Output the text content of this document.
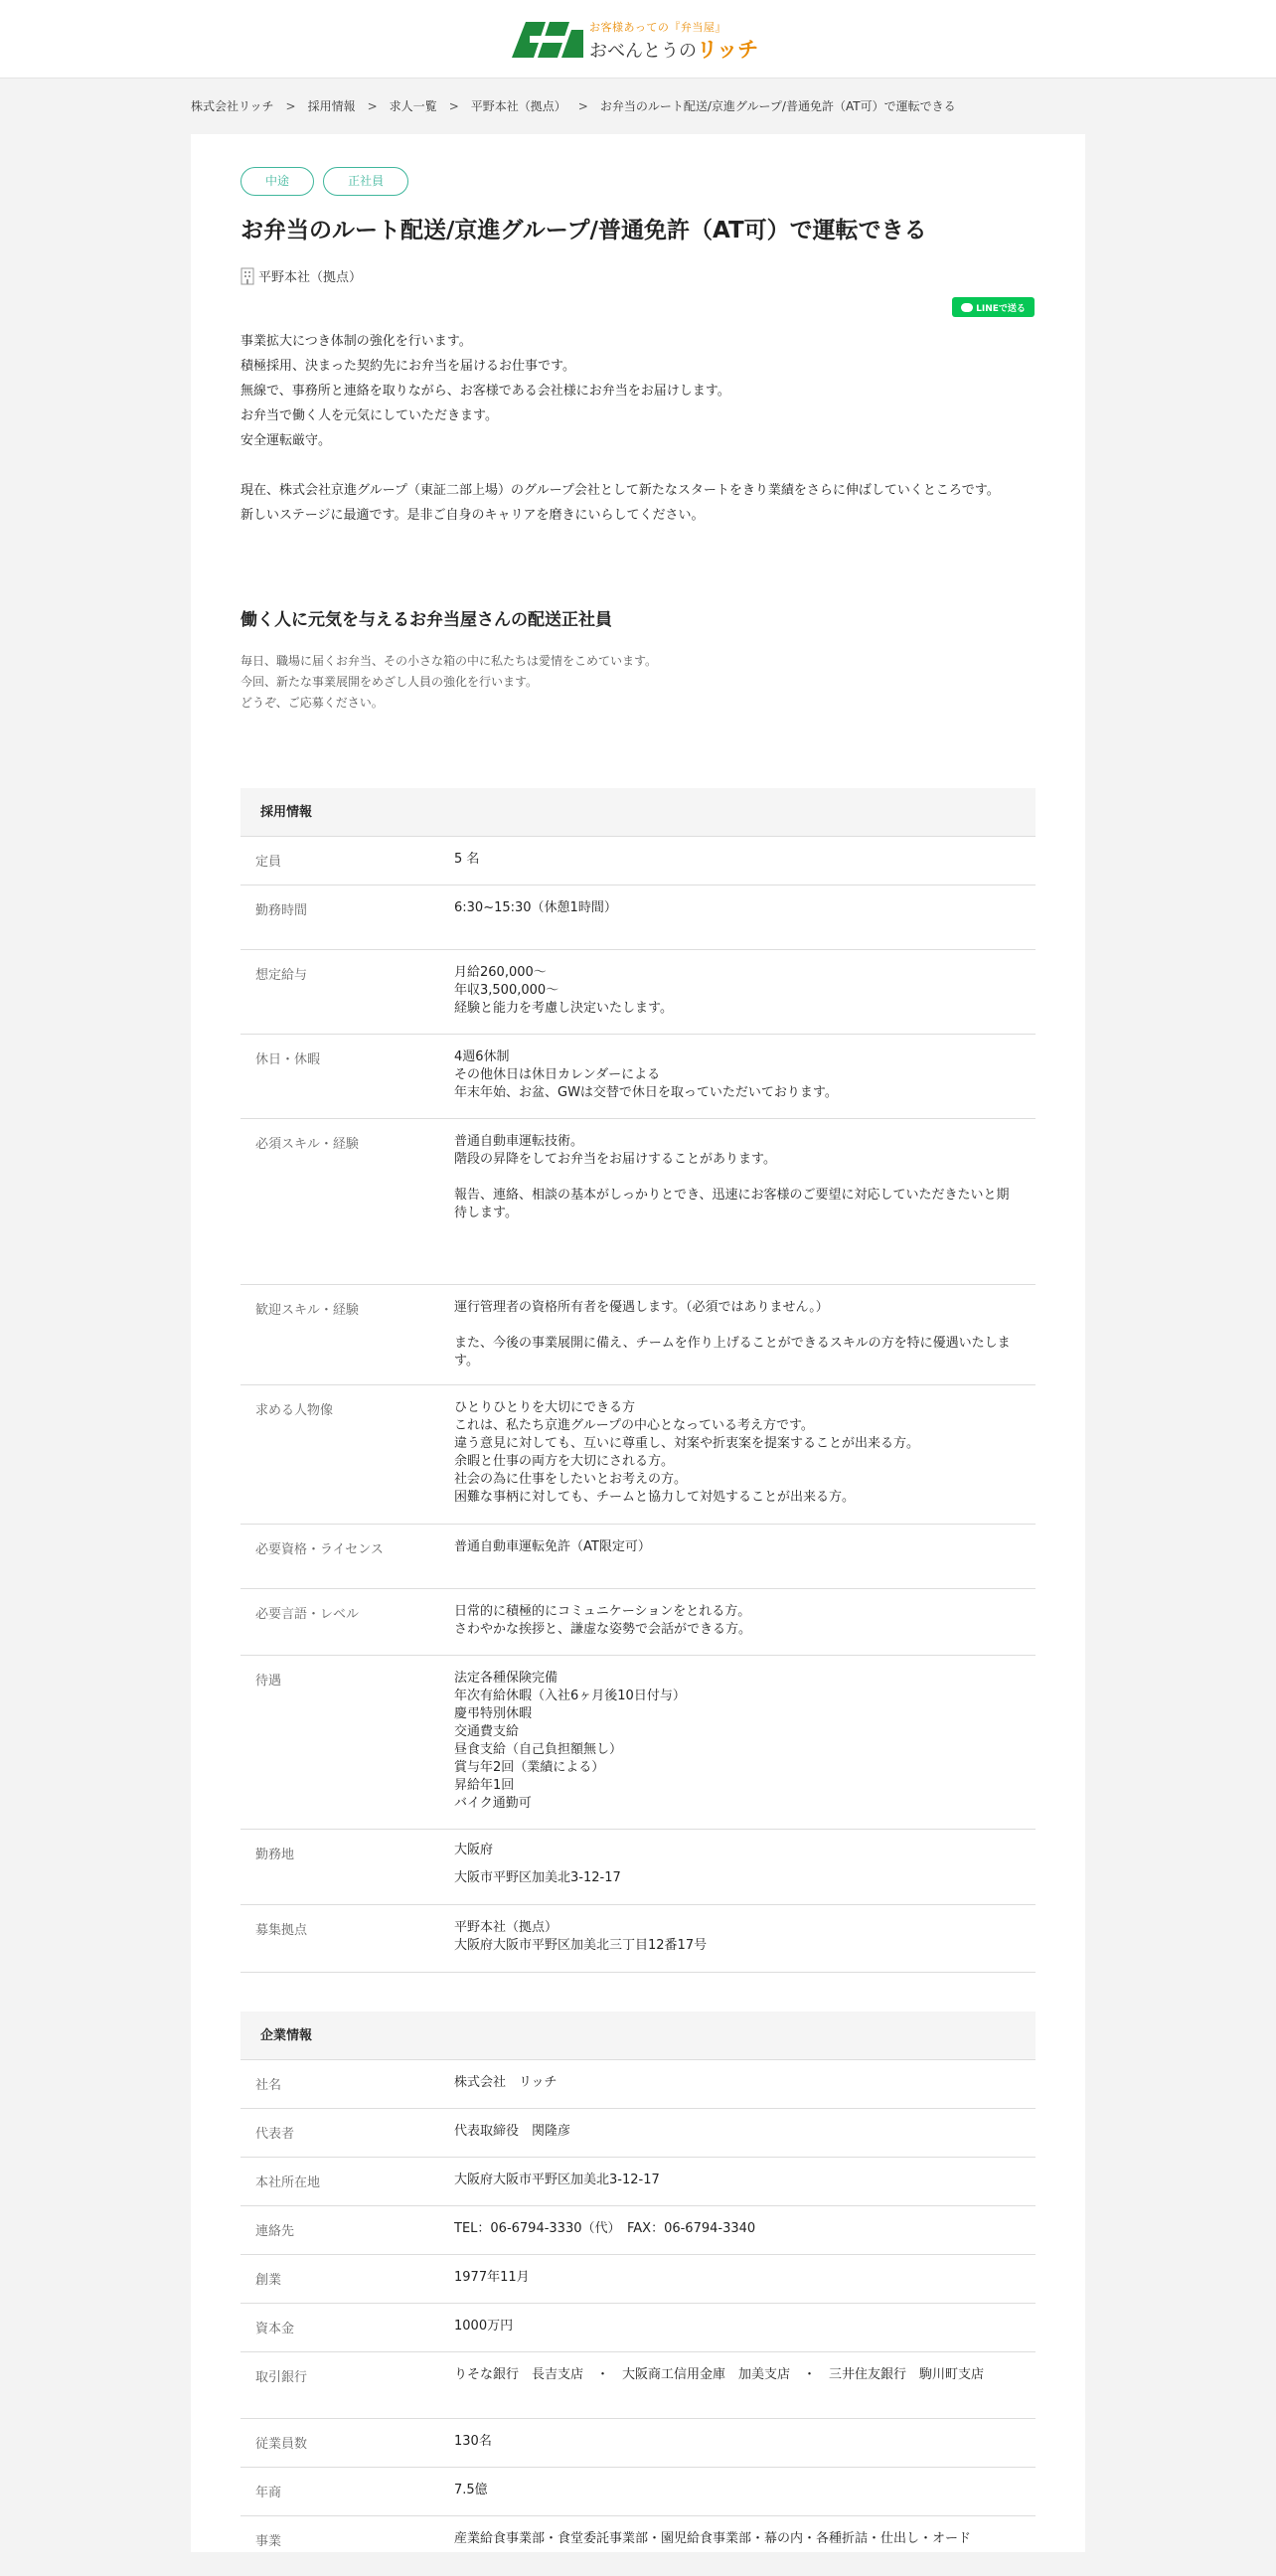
お客様あっての『弁当屋』
おべんとうのリッチ
株式会社リッチ > 採用情報 > 求人一覧 > 平野本社（拠点） > お弁当のルート配送/京進グループ/普通免許（AT可）で運転できる
中途	正社員
お弁当のルート配送/京進グループ/普通免許（AT可）で運転できる
平野本社（拠点）
LINEで送る
事業拡大につき体制の強化を行います。
積極採用、決まった契約先にお弁当を届けるお仕事です。
無線で、事務所と連絡を取りながら、お客様である会社様にお弁当をお届けします。
お弁当で働く人を元気にしていただきます。
安全運転厳守。

現在、株式会社京進グループ（東証二部上場）のグループ会社として新たなスタートをきり業績をさらに伸ばしていくところです。
新しいステージに最適です。是非ご自身のキャリアを磨きにいらしてください。
働く人に元気を与えるお弁当屋さんの配送正社員
毎日、職場に届くお弁当、その小さな箱の中に私たちは愛情をこめています。
今回、新たな事業展開をめざし人員の強化を行います。
どうぞ、ご応募ください。
採用情報
定員	5 名
勤務時間	6:30~15:30（休憩1時間）
想定給与	月給260,000～
年収3,500,000～
経験と能力を考慮し決定いたします。
休日・休暇	4週6休制
その他休日は休日カレンダーによる
年末年始、お盆、GWは交替で休日を取っていただいております。
必須スキル・経験	普通自動車運転技術。
階段の昇降をしてお弁当をお届けすることがあります。

報告、連絡、相談の基本がしっかりとでき、迅速にお客様のご要望に対応していただきたいと期待します。
歓迎スキル・経験	運行管理者の資格所有者を優遇します。（必須ではありません。）

また、今後の事業展開に備え、チームを作り上げることができるスキルの方を特に優遇いたします。
求める人物像	ひとりひとりを大切にできる方
これは、私たち京進グループの中心となっている考え方です。
違う意見に対しても、互いに尊重し、対案や折衷案を提案することが出来る方。
余暇と仕事の両方を大切にされる方。
社会の為に仕事をしたいとお考えの方。
困難な事柄に対しても、チームと協力して対処することが出来る方。
必要資格・ライセンス	普通自動車運転免許（AT限定可）
必要言語・レベル	日常的に積極的にコミュニケーションをとれる方。
さわやかな挨拶と、謙虚な姿勢で会話ができる方。
待遇	法定各種保険完備
年次有給休暇（入社6ヶ月後10日付与）
慶弔特別休暇
交通費支給
昼食支給（自己負担額無し）
賞与年2回（業績による）
昇給年1回
バイク通勤可
勤務地	大阪府

大阪市平野区加美北3-12-17
募集拠点	平野本社（拠点）
大阪府大阪市平野区加美北三丁目12番17号
企業情報
社名	株式会社　リッチ
代表者	代表取締役　関隆彦
本社所在地	大阪府大阪市平野区加美北3-12-17
連絡先	TEL：06-6794-3330（代）　FAX：06-6794-3340
創業	1977年11月
資本金	1000万円
取引銀行	りそな銀行　長吉支店　・　大阪商工信用金庫　加美支店　・　三井住友銀行　駒川町支店
従業員数	130名
年商	7.5億
事業	産業給食事業部・食堂委託事業部・園児給食事業部・幕の内・各種折詰・仕出し・オード
